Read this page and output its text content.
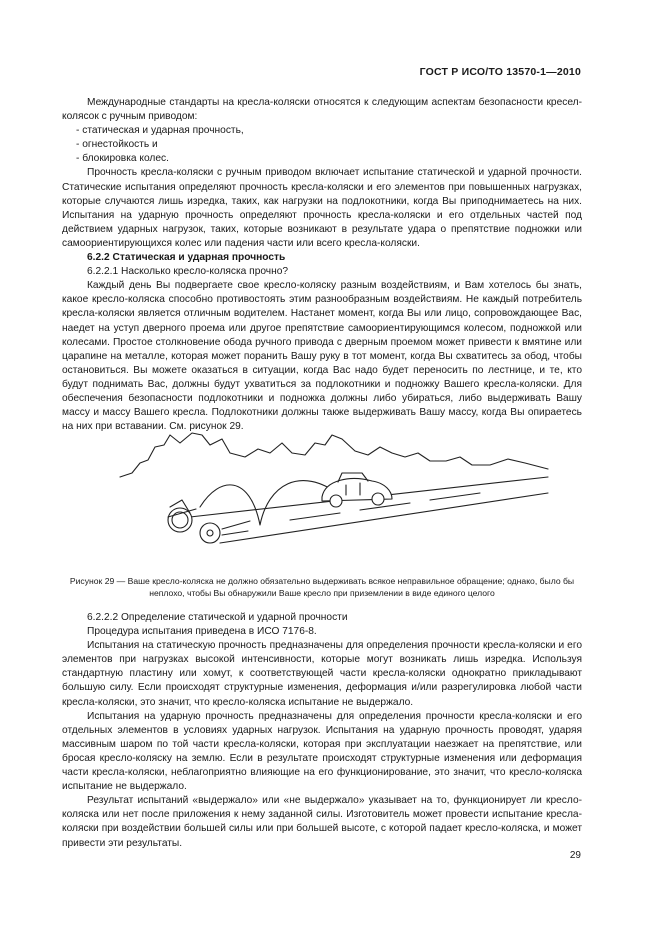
ГОСТ Р ИСО/ТО 13570-1—2010

Международные стандарты на кресла-коляски относятся к следующим аспектам безопасности кресел-колясок с ручным приводом:

- статическая и ударная прочность,

- огнестойкость и

- блокировка колес.

Прочность кресла-коляски с ручным приводом включает испытание статической и ударной прочности. Статические испытания определяют прочность кресла-коляски и его элементов при повышенных нагрузках, которые случаются лишь изредка, таких, как нагрузки на подлокотники, когда Вы приподнимаетесь на них. Испытания на ударную прочность определяют прочность кресла-коляски и его отдельных частей под действием ударных нагрузок, таких, которые возникают в результате удара о препятствие подножки или самоориентирующихся колес или падения части или всего кресла-коляски.

6.2.2 Статическая и ударная прочность

6.2.2.1 Насколько кресло-коляска прочно?

Каждый день Вы подвергаете свое кресло-коляску разным воздействиям, и Вам хотелось бы знать, какое кресло-коляска способно противостоять этим разнообразным воздействиям. Не каждый потребитель кресла-коляски является отличным водителем. Настанет момент, когда Вы или лицо, сопровождающее Вас, наедет на уступ дверного проема или другое препятствие самоориентирующимся колесом, подножкой или колесами. Простое столкновение обода ручного привода с дверным проемом может привести к вмятине или царапине на металле, которая может поранить Вашу руку в тот момент, когда Вы схватитесь за обод, чтобы остановиться. Вы можете оказаться в ситуации, когда Вас надо будет переносить по лестнице, и те, кто будут поднимать Вас, должны будут ухватиться за подлокотники и подножку Вашего кресла-коляски. Для обеспечения безопасности подлокотники и подножка должны либо убираться, либо выдерживать Вашу массу и массу Вашего кресла. Подлокотники должны также выдерживать Вашу массу, когда Вы опираетесь на них при вставании. См. рисунок 29.

Рисунок 29 — Ваше кресло-коляска не должно обязательно выдерживать всякое неправильное обращение; однако, было бы неплохо, чтобы Вы обнаружили Ваше кресло при приземлении в виде единого целого

6.2.2.2 Определение статической и ударной прочности

Процедура испытания приведена в ИСО 7176-8.

Испытания на статическую прочность предназначены для определения прочности кресла-коляски и его элементов при нагрузках высокой интенсивности, которые могут возникать лишь изредка. Используя стандартную пластину или хомут, к соответствующей части кресла-коляски однократно прикладывают большую силу. Если происходят структурные изменения, деформация и/или разрегулировка любой части кресла-коляски, это значит, что кресло-коляска испытание не выдержало.

Испытания на ударную прочность предназначены для определения прочности кресла-коляски и его отдельных элементов в условиях ударных нагрузок. Испытания на ударную прочность проводят, ударяя массивным шаром по той части кресла-коляски, которая при эксплуатации наезжает на препятствие, или бросая кресло-коляску на землю. Если в результате происходят структурные изменения или деформация части кресла-коляски, неблагоприятно влияющие на его функционирование, это значит, что кресло-коляска испытание не выдержало.

Результат испытаний «выдержало» или «не выдержало» указывает на то, функционирует ли кресло-коляска или нет после приложения к нему заданной силы. Изготовитель может провести испытание кресла-коляски при воздействии большей силы или при большей высоте, с которой падает кресло-коляска, и может привести эти результаты.

29
